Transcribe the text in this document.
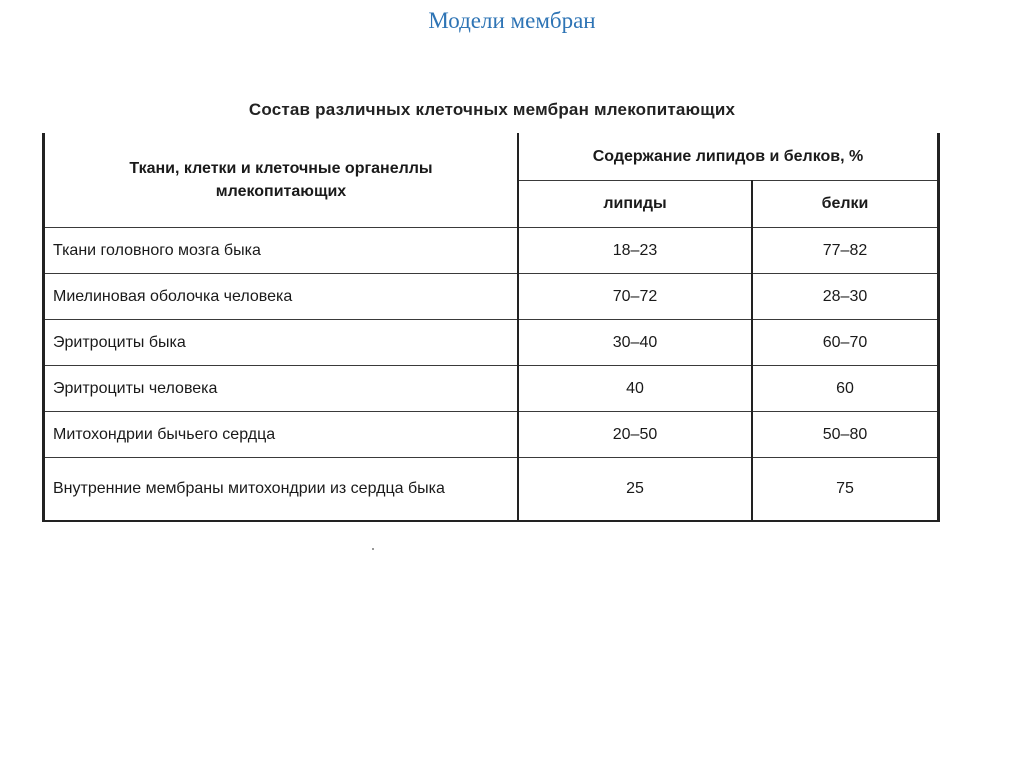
Модели мембран
Состав различных клеточных мембран млекопитающих
Ткани, клетки и клеточные органеллы млекопитающих	Содержание липидов и белков, %	
	липиды	белки

Ткани головного мозга быка	18–23	77–82

Миелиновая оболочка человека	70–72	28–30

Эритроциты быка	30–40	60–70

Эритроциты человека	40	60

Митохондрии бычьего сердца	20–50	50–80

Внутренние мембраны митохондрии из сердца быка	25	75
